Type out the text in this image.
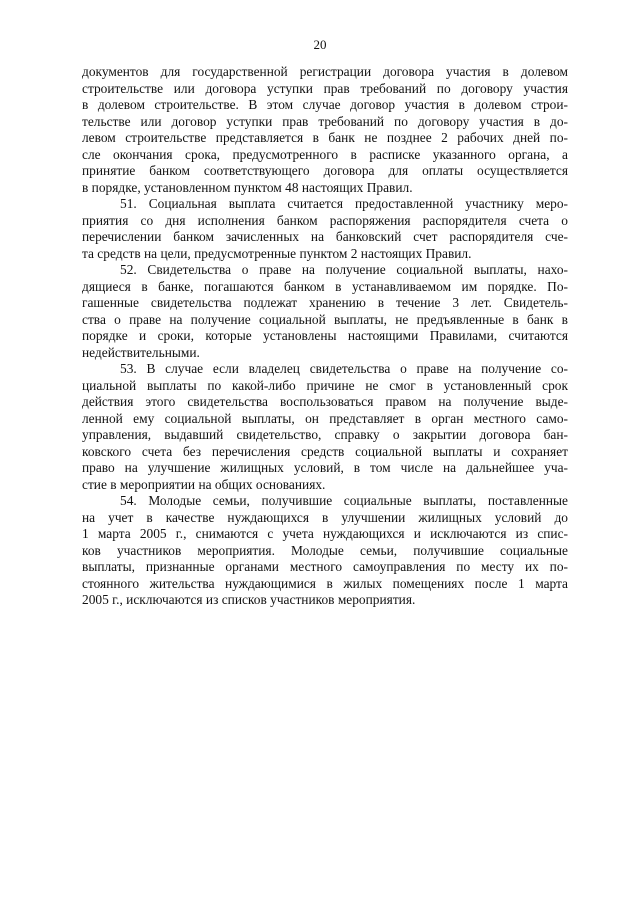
20
документов для государственной регистрации договора участия в долевом
строительстве или договора уступки прав требований по договору участия
в долевом строительстве. В этом случае договор участия в долевом строи-
тельстве или договор уступки прав требований по договору участия в до-
левом строительстве представляется в банк не позднее 2 рабочих дней по-
сле окончания срока, предусмотренного в расписке указанного органа, а
принятие банком соответствующего договора для оплаты осуществляется
в порядке, установленном пунктом 48 настоящих Правил.
51. Социальная выплата считается предоставленной участнику меро-
приятия со дня исполнения банком распоряжения распорядителя счета о
перечислении банком зачисленных на банковский счет распорядителя сче-
та средств на цели, предусмотренные пунктом 2 настоящих Правил.
52. Свидетельства о праве на получение социальной выплаты, нахо-
дящиеся в банке, погашаются банком в устанавливаемом им порядке. По-
гашенные свидетельства подлежат хранению в течение 3 лет. Свидетель-
ства о праве на получение социальной выплаты, не предъявленные в банк в
порядке и сроки, которые установлены настоящими Правилами, считаются
недействительными.
53. В случае если владелец свидетельства о праве на получение со-
циальной выплаты по какой-либо причине не смог в установленный срок
действия этого свидетельства воспользоваться правом на получение выде-
ленной ему социальной выплаты, он представляет в орган местного само-
управления, выдавший свидетельство, справку о закрытии договора бан-
ковского счета без перечисления средств социальной выплаты и сохраняет
право на улучшение жилищных условий, в том числе на дальнейшее уча-
стие в мероприятии на общих основаниях.
54. Молодые семьи, получившие социальные выплаты, поставленные
на учет в качестве нуждающихся в улучшении жилищных условий до
1 марта 2005 г., снимаются с учета нуждающихся и исключаются из спис-
ков участников мероприятия. Молодые семьи, получившие социальные
выплаты, признанные органами местного самоуправления по месту их по-
стоянного жительства нуждающимися в жилых помещениях после 1 марта
2005 г., исключаются из списков участников мероприятия.
